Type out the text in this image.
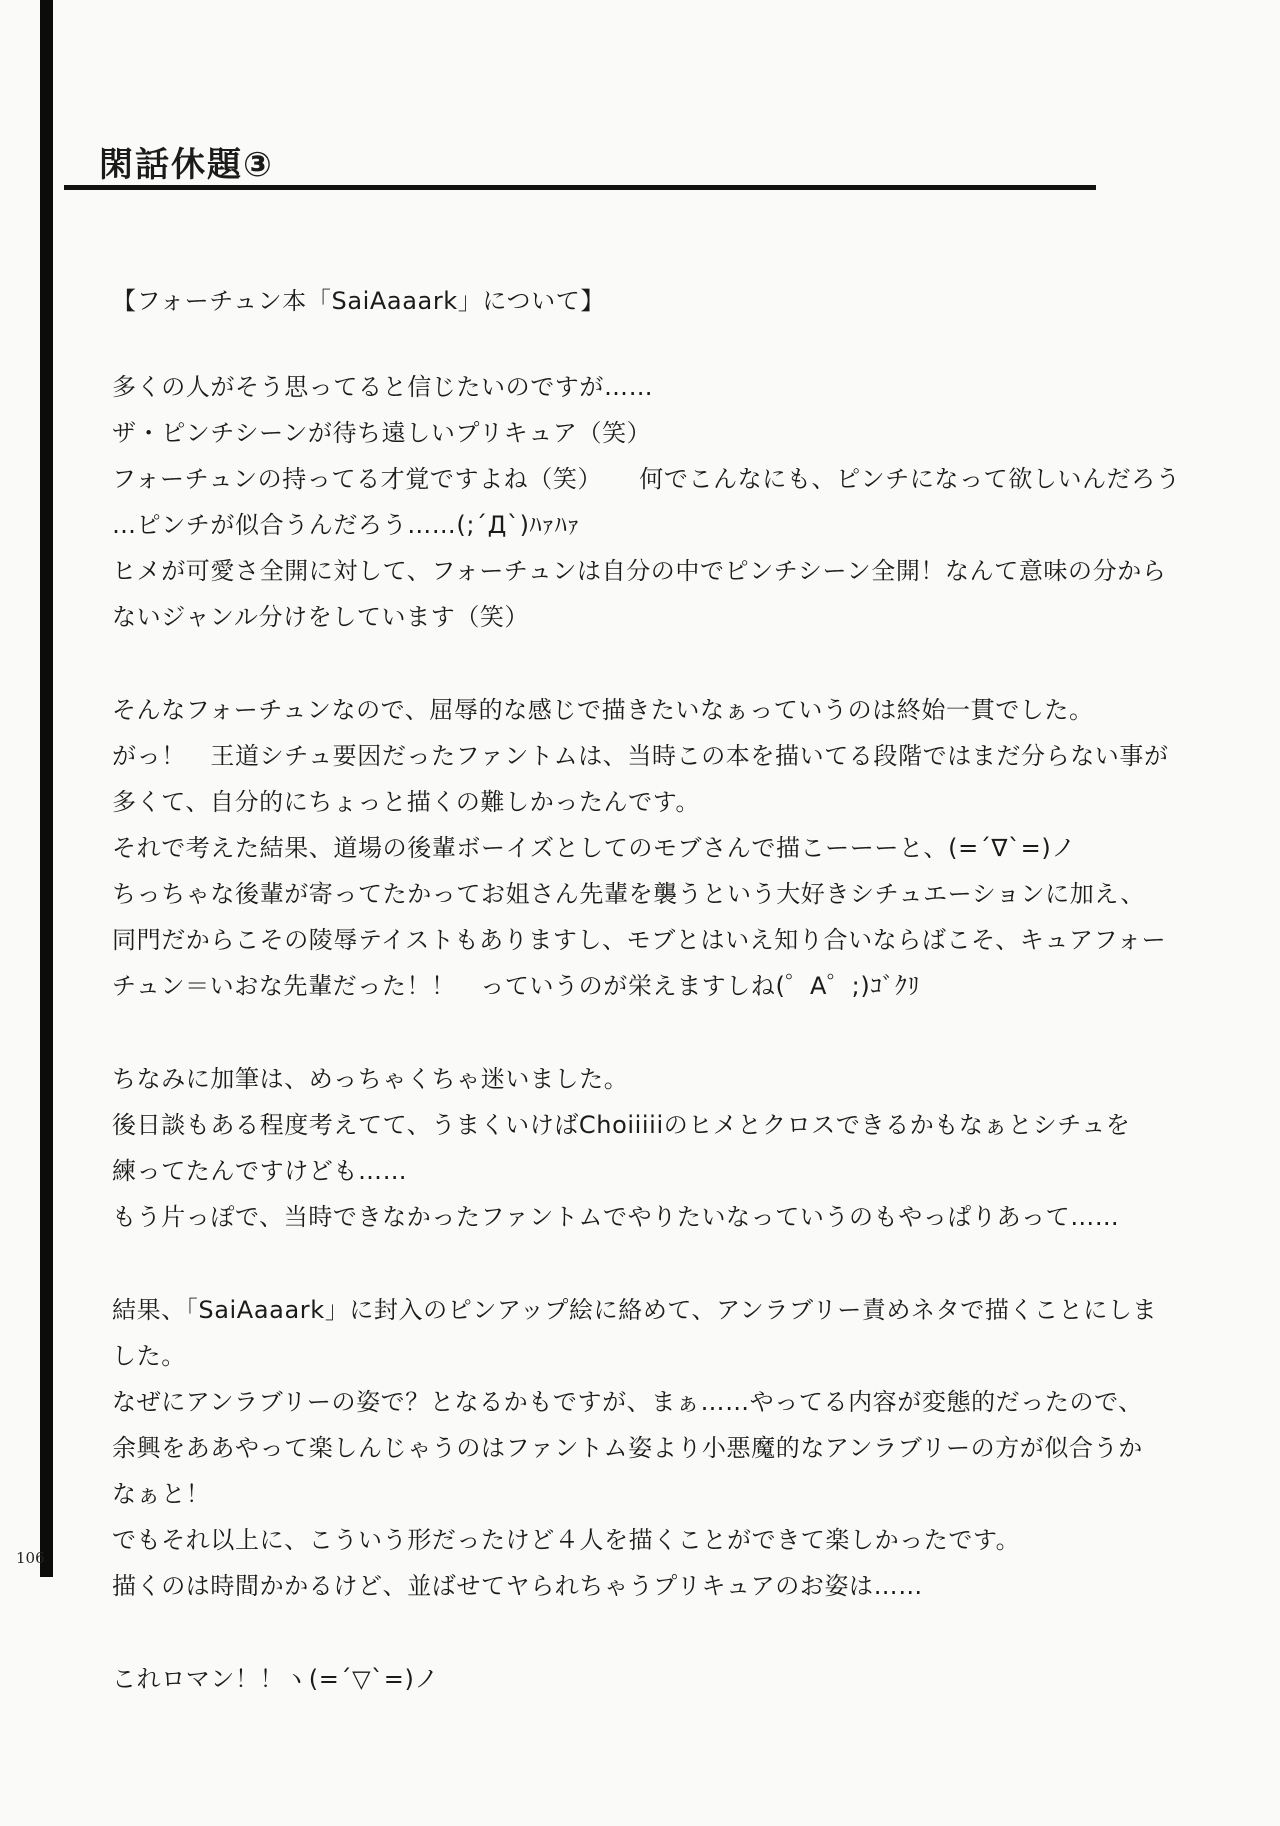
106
閑話休題③

【フォーチュン本「SaiAaaark」について】

多くの人がそう思ってると信じたいのですが……

ザ・ピンチシーンが待ち遠しいプリキュア（笑）

フォーチュンの持ってる才覚ですよね（笑）　　何でこんなにも、ピンチになって欲しいんだろう

…ピンチが似合うんだろう……(;´Д`)ﾊｧﾊｧ

ヒメが可愛さ全開に対して、フォーチュンは自分の中でピンチシーン全開！なんて意味の分から

ないジャンル分けをしています（笑）

そんなフォーチュンなので、屈辱的な感じで描きたいなぁっていうのは終始一貫でした。

がっ！　王道シチュ要因だったファントムは、当時この本を描いてる段階ではまだ分らない事が

多くて、自分的にちょっと描くの難しかったんです。

それで考えた結果、道場の後輩ボーイズとしてのモブさんで描こーーーと、(=´∇`=)ノ

ちっちゃな後輩が寄ってたかってお姐さん先輩を襲うという大好きシチュエーションに加え、

同門だからこその陵辱テイストもありますし、モブとはいえ知り合いならばこそ、キュアフォー

チュン＝いおな先輩だった！！　っていうのが栄えますしね(゜A゜;)ｺﾞｸﾘ

ちなみに加筆は、めっちゃくちゃ迷いました。

後日談もある程度考えてて、うまくいけばChoiiiiiのヒメとクロスできるかもなぁとシチュを

練ってたんですけども……

もう片っぽで、当時できなかったファントムでやりたいなっていうのもやっぱりあって……

結果、「SaiAaaark」に封入のピンアップ絵に絡めて、アンラブリー責めネタで描くことにしま

した。

なぜにアンラブリーの姿で？となるかもですが、まぁ……やってる内容が変態的だったので、

余興をああやって楽しんじゃうのはファントム姿より小悪魔的なアンラブリーの方が似合うか

なぁと！

でもそれ以上に、こういう形だったけど４人を描くことができて楽しかったです。

描くのは時間かかるけど、並ばせてヤられちゃうプリキュアのお姿は……

これロマン！！ヽ(=´▽`=)ノ
